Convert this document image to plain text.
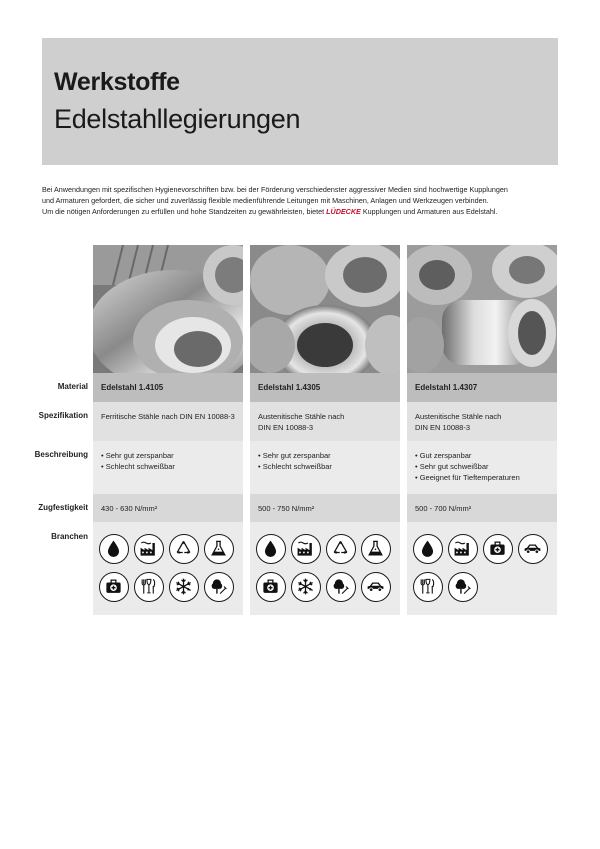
Werkstoffe
Edelstahllegierungen

Bei Anwendungen mit spezifischen Hygienevorschriften bzw. bei der Förderung verschiedenster aggressiver Medien sind hochwertige Kupplungen

und Armaturen gefordert, die sicher und zuverlässig flexible medienführende Leitungen mit Maschinen, Anlagen und Werkzeugen verbinden.

Um die nötigen Anforderungen zu erfüllen und hohe Standzeiten zu gewährleisten, bietet LÜDECKE Kupplungen und Armaturen aus Edelstahl.

Material
Spezifikation
Beschreibung
Zugfestigkeit
Branchen
Edelstahl 1.4105
Ferritische Stähle nach DIN EN 10088-3
• Sehr gut zerspanbar
• Schlecht schweißbar
430 - 630 N/mm²
Edelstahl 1.4305
Austenitische Stähle nach
DIN EN 10088-3
• Sehr gut zerspanbar
• Schlecht schweißbar
500 - 750 N/mm²
Edelstahl 1.4307
Austenitische Stähle nach
DIN EN 10088-3
• Gut zerspanbar
• Sehr gut schweißbar
• Geeignet für Tieftemperaturen
500 - 700 N/mm²
